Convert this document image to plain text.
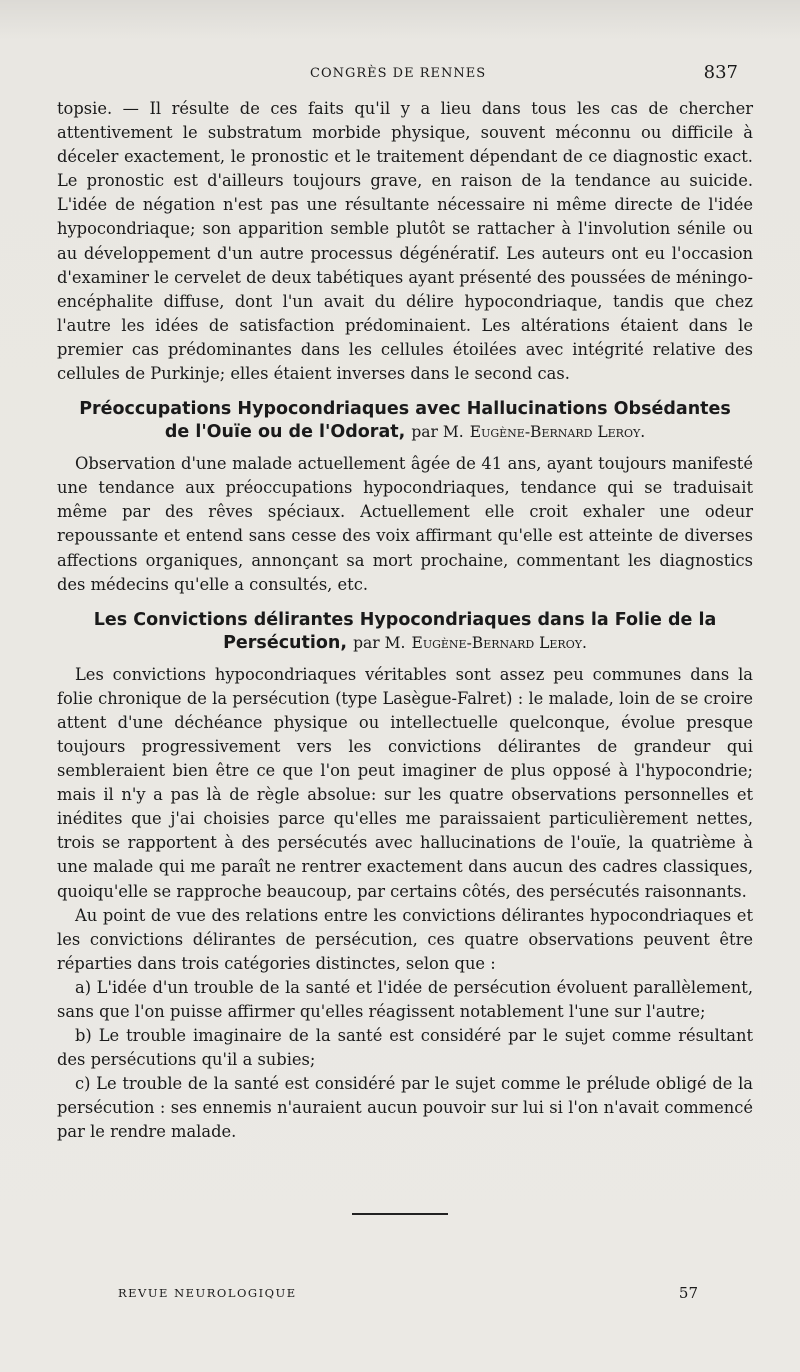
CONGRÈS DE RENNES	837

topsie. — Il résulte de ces faits qu'il y a lieu dans tous les cas de chercher attentivement le substratum morbide physique, souvent méconnu ou difficile à déceler exactement, le pronostic et le traitement dépendant de ce diagnostic exact. Le pronostic est d'ailleurs toujours grave, en raison de la tendance au suicide. L'idée de négation n'est pas une résultante nécessaire ni même directe de l'idée hypocondriaque; son apparition semble plutôt se rattacher à l'involution sénile ou au développement d'un autre processus dégénératif. Les auteurs ont eu l'occasion d'examiner le cervelet de deux tabétiques ayant présenté des poussées de méningo-encéphalite diffuse, dont l'un avait du délire hypocondriaque, tandis que chez l'autre les idées de satisfaction prédominaient. Les altérations étaient dans le premier cas prédominantes dans les cellules étoilées avec intégrité relative des cellules de Purkinje; elles étaient inverses dans le second cas.

Préoccupations Hypocondriaques avec Hallucinations Obsédantes
de l'Ouïe ou de l'Odorat, par M. Eugène-Bernard Leroy.

Observation d'une malade actuellement âgée de 41 ans, ayant toujours manifesté une tendance aux préoccupations hypocondriaques, tendance qui se traduisait même par des rêves spéciaux. Actuellement elle croit exhaler une odeur repoussante et entend sans cesse des voix affirmant qu'elle est atteinte de diverses affections organiques, annonçant sa mort prochaine, commentant les diagnostics des médecins qu'elle a consultés, etc.

Les Convictions délirantes Hypocondriaques dans la Folie de la Persécution, par M. Eugène-Bernard Leroy.

Les convictions hypocondriaques véritables sont assez peu communes dans la folie chronique de la persécution (type Lasègue-Falret) : le malade, loin de se croire attent d'une déchéance physique ou intellectuelle quelconque, évolue presque toujours progressivement vers les convictions délirantes de grandeur qui sembleraient bien être ce que l'on peut imaginer de plus opposé à l'hypocondrie; mais il n'y a pas là de règle absolue: sur les quatre observations personnelles et inédites que j'ai choisies parce qu'elles me paraissaient particulièrement nettes, trois se rapportent à des persécutés avec hallucinations de l'ouïe, la quatrième à une malade qui me paraît ne rentrer exactement dans aucun des cadres classiques, quoiqu'elle se rapproche beaucoup, par certains côtés, des persécutés raisonnants.

Au point de vue des relations entre les convictions délirantes hypocondriaques et les convictions délirantes de persécution, ces quatre observations peuvent être réparties dans trois catégories distinctes, selon que :

a) L'idée d'un trouble de la santé et l'idée de persécution évoluent parallèlement, sans que l'on puisse affirmer qu'elles réagissent notablement l'une sur l'autre;

b) Le trouble imaginaire de la santé est considéré par le sujet comme résultant des persécutions qu'il a subies;

c) Le trouble de la santé est considéré par le sujet comme le prélude obligé de la persécution : ses ennemis n'auraient aucun pouvoir sur lui si l'on n'avait commencé par le rendre malade.

REVUE NEUROLOGIQUE	57
